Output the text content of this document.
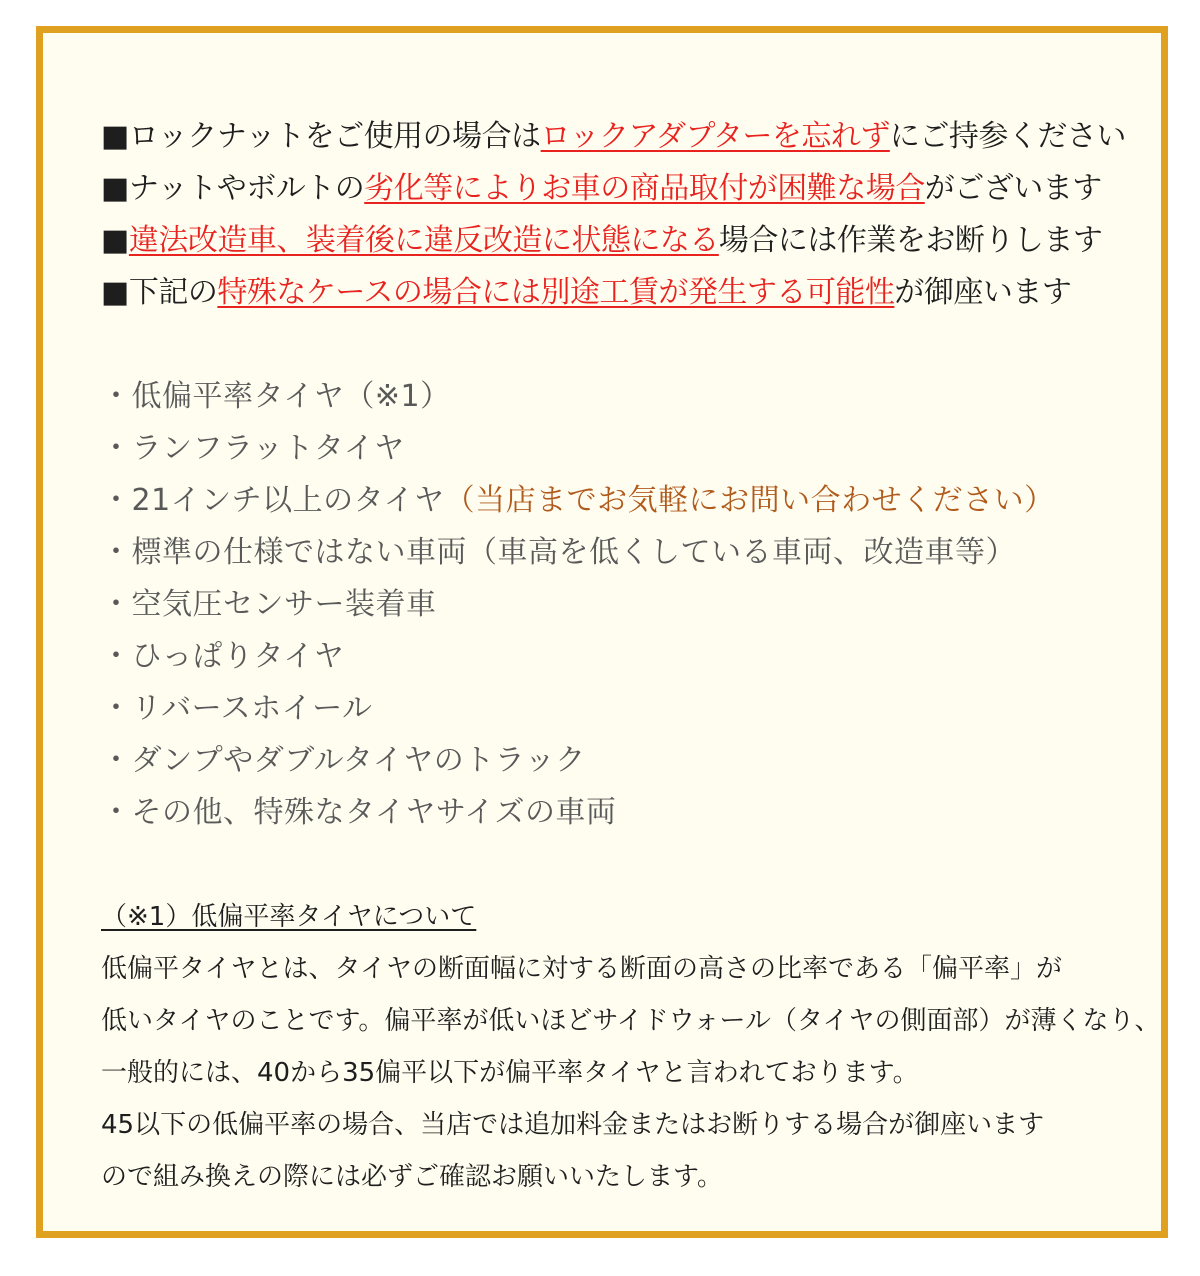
■ロックナットをご使用の場合はロックアダプターを忘れずにご持参ください
■ナットやボルトの劣化等によりお車の商品取付が困難な場合がございます
■違法改造車、装着後に違反改造に状態になる場合には作業をお断りします
■下記の特殊なケースの場合には別途工賃が発生する可能性が御座います
・低偏平率タイヤ（※1）
・ランフラットタイヤ
・21インチ以上のタイヤ（当店までお気軽にお問い合わせください）
・標準の仕様ではない車両（車高を低くしている車両、改造車等）
・空気圧センサー装着車
・ひっぱりタイヤ
・リバースホイール
・ダンプやダブルタイヤのトラック
・その他、特殊なタイヤサイズの車両
（※1）低偏平率タイヤについて
低偏平タイヤとは、タイヤの断面幅に対する断面の高さの比率である「偏平率」が
低いタイヤのことです。偏平率が低いほどサイドウォール（タイヤの側面部）が薄くなり、
一般的には、40から35偏平以下が偏平率タイヤと言われております。
45以下の低偏平率の場合、当店では追加料金またはお断りする場合が御座います
ので組み換えの際には必ずご確認お願いいたします。
